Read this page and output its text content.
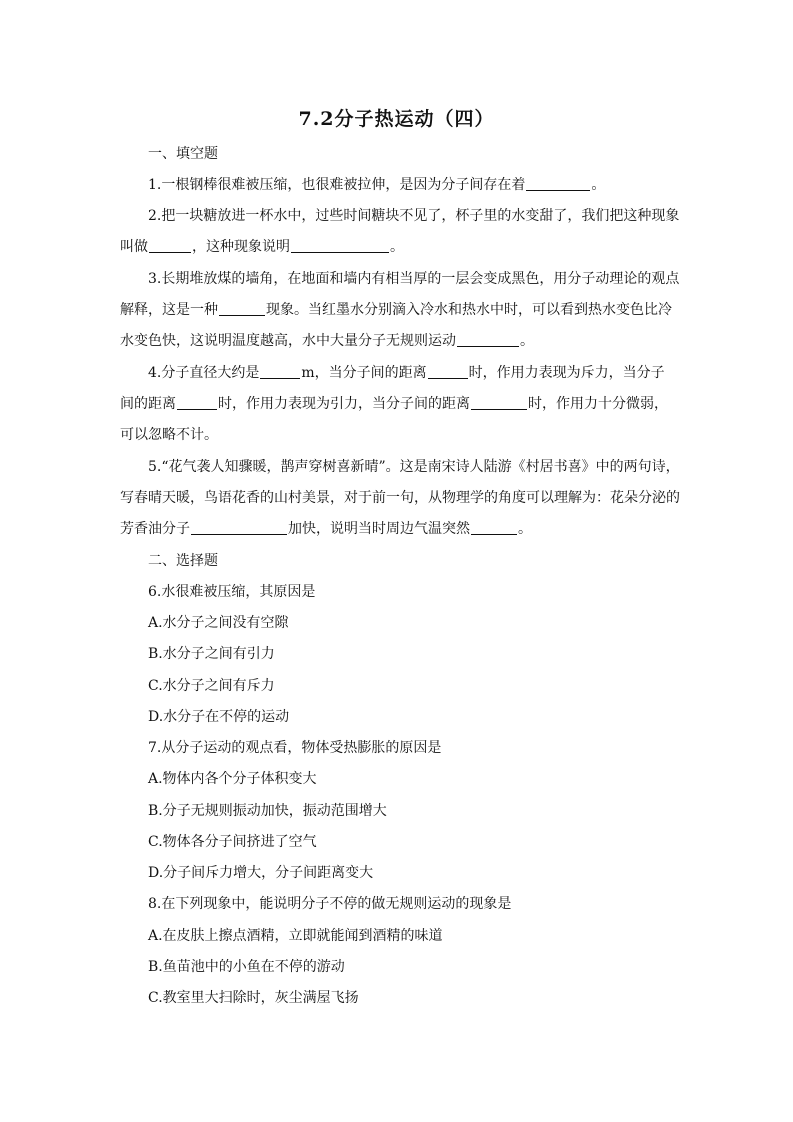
7.2分子热运动（四）
一、填空题
1.一根钢棒很难被压缩，也很难被拉伸，是因为分子间存在着	。
2.把一块糖放进一杯水中，过些时间糖块不见了，杯子里的水变甜了，我们把这种现象
叫做	，这种现象说明	。
3.长期堆放煤的墙角，在地面和墙内有相当厚的一层会变成黑色，用分子动理论的观点
解释，这是一种	现象。当红墨水分别滴入冷水和热水中时，可以看到热水变色比冷
水变色快，这说明温度越高，水中大量分子无规则运动	。
4.分子直径大约是	m，当分子间的距离	时，作用力表现为斥力，当分子
间的距离	时，作用力表现为引力，当分子间的距离	时，作用力十分微弱，
可以忽略不计。
5.“花气袭人知骤暖，鹊声穿树喜新晴”。这是南宋诗人陆游《村居书喜》中的两句诗，
写春晴天暖，鸟语花香的山村美景，对于前一句，从物理学的角度可以理解为：花朵分泌的
芳香油分子	加快，说明当时周边气温突然	。
二、选择题
6.水很难被压缩，其原因是
A.水分子之间没有空隙
B.水分子之间有引力
C.水分子之间有斥力
D.水分子在不停的运动
7.从分子运动的观点看，物体受热膨胀的原因是
A.物体内各个分子体积变大
B.分子无规则振动加快，振动范围增大
C.物体各分子间挤进了空气
D.分子间斥力增大，分子间距离变大
8.在下列现象中，能说明分子不停的做无规则运动的现象是
A.在皮肤上擦点酒精，立即就能闻到酒精的味道
B.鱼苗池中的小鱼在不停的游动
C.教室里大扫除时，灰尘满屋飞扬
